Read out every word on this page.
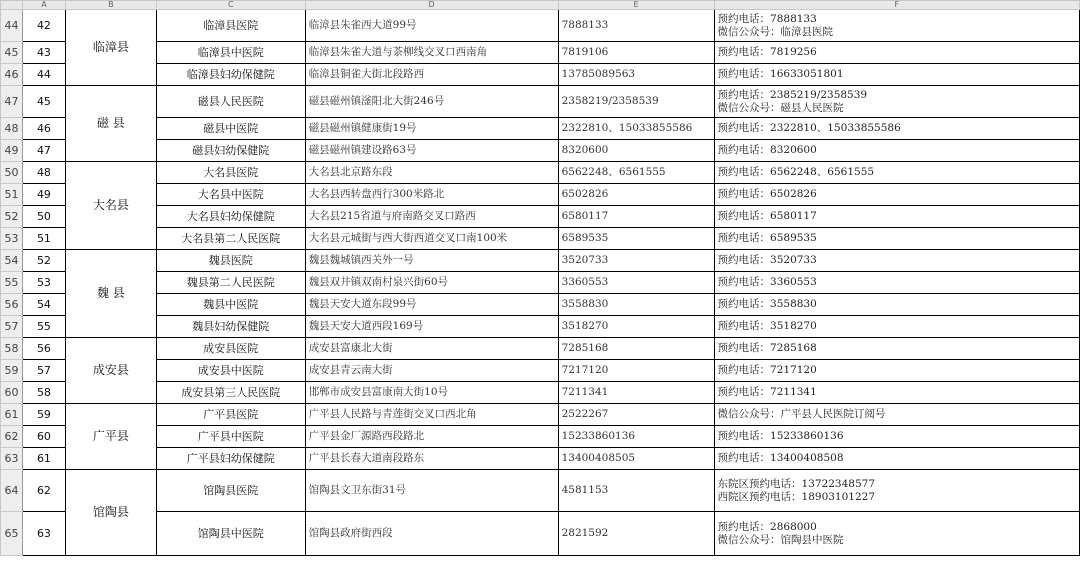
	A	B	C	D	E	F
44	42	临漳县	临漳县医院	临漳县朱雀西大道99号	7888133	预约电话：7888133
微信公众号：临漳县医院

45	43		临漳县中医院	临漳县朱雀大道与茶柳线交叉口西南角	7819106	预约电话：7819256

46	44		临漳县妇幼保健院	临漳县铜雀大街北段路西	13785089563	预约电话：16633051801

47	45	磁 县	磁县人民医院	磁县磁州镇滏阳北大街246号	2358219/2358539	预约电话：2385219/2358539
微信公众号：磁县人民医院

48	46		磁县中医院	磁县磁州镇健康街19号	2322810、15033855586	预约电话：2322810、15033855586

49	47		磁县妇幼保健院	磁县磁州镇建设路63号	8320600	预约电话：8320600

50	48	大名县	大名县医院	大名县北京路东段	6562248、6561555	预约电话：6562248、6561555

51	49		大名县中医院	大名县西转盘西行300米路北	6502826	预约电话：6502826

52	50		大名县妇幼保健院	大名县215省道与府南路交叉口路西	6580117	预约电话：6580117

53	51		大名县第二人民医院	大名县元城街与西大街西道交叉口南100米	6589535	预约电话：6589535

54	52	魏 县	魏县医院	魏县魏城镇西关外一号	3520733	预约电话：3520733

55	53		魏县第二人民医院	魏县双井镇双南村泉兴街60号	3360553	预约电话：3360553

56	54		魏县中医院	魏县天安大道东段99号	3558830	预约电话：3558830

57	55		魏县妇幼保健院	魏县天安大道西段169号	3518270	预约电话：3518270

58	56	成安县	成安县医院	成安县富康北大街	7285168	预约电话：7285168

59	57		成安县中医院	成安县青云南大街	7217120	预约电话：7217120

60	58		成安县第三人民医院	邯郸市成安县富康南大街10号	7211341	预约电话：7211341

61	59	广平县	广平县医院	广平县人民路与青莲街交叉口西北角	2522267	微信公众号：广平县人民医院订阅号

62	60		广平县中医院	广平县金厂源路西段路北	15233860136	预约电话：15233860136

63	61		广平县妇幼保健院	广平县长春大道南段路东	13400408505	预约电话：13400408508

64	62	馆陶县	馆陶县医院	馆陶县文卫东街31号	4581153	东院区预约电话：13722348577
西院区预约电话：18903101227

65	63		馆陶县中医院	馆陶县政府街西段	2821592	预约电话：2868000
微信公众号：馆陶县中医院
